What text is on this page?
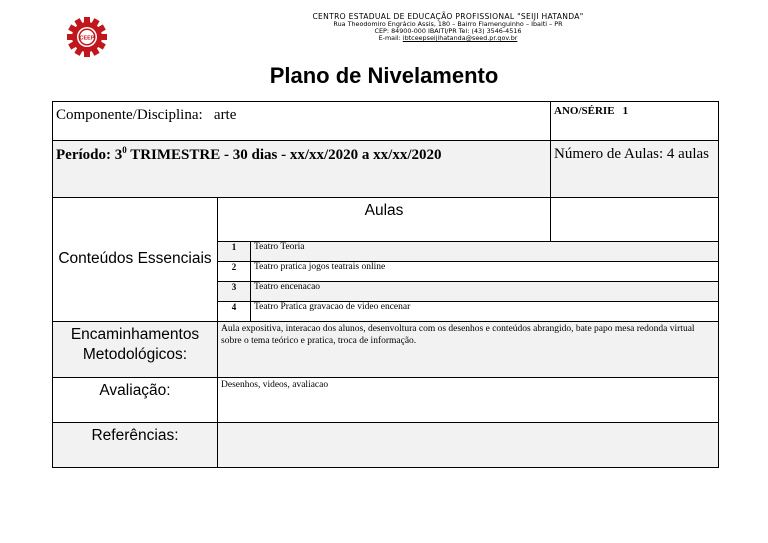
CEEP
CENTRO ESTADUAL DE EDUCAÇÃO PROFISSIONAL "SEIJI HATANDA"
Rua Theodomiro Engrácio Assis, 180 – Bairro Flamenguinho – Ibaiti – PR
CEP: 84900-000 IBAITI/PR Tel: (43) 3546-4516
E-mail: ibtceepseijihatanda@seed.pr.gov.br
Plano de Nivelamento
Componente/Disciplina: arte			ANO/SÉRIE 1
Período: $3^0$ TRIMESTRE - 30 dias - xx/xx/2020 a xx/xx/2020			Número de Aulas: 4 aulas
Conteúdos Essenciais	Aulas		
	1	Teatro Teoria	
	2	Teatro pratica jogos teatrais online	
	3	Teatro encenacao	
	4	Teatro Pratica gravacao de video encenar	
Encaminhamentos Metodológicos:	Aula expositiva, interacao dos alunos, desenvoltura com os desenhos e conteúdos abrangido, bate papo mesa redonda virtual sobre o tema teórico e pratica, troca de informação.		
Avaliação:	Desenhos, videos, avaliacao		
Referências:			
